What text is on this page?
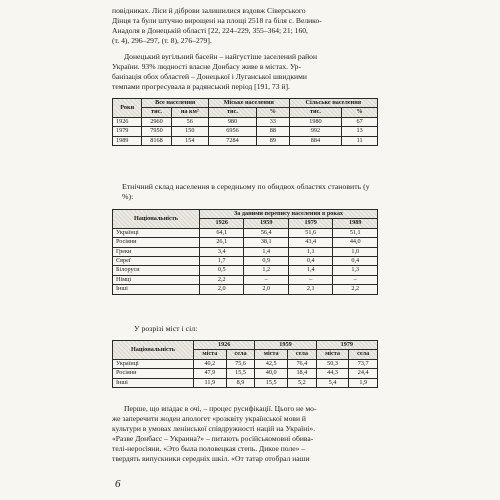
повідниках. Ліси й діброви залишилися вздовж Сіверського
Дінця та були штучно вирощені на площі 2518 га біля с. Велико-
Анадоля в Донецькій області [22, 224–229, 355–364; 21; 160,
(т. 4), 296–297, (т. 8), 276–279].
Донецький вугільний басейн – найгустіше заселений район
України. 93% людності власне Донбасу живе в містах. Ур-
банізація обох областей – Донецької і Луганської швидкими
темпами прогресувала в радянський період [191, 73 й].
Роки	Все населення		Міське населення		Сільське населення	
	тис.	на км²	тис.	%	тис.	%
1926	2960	56	980	33	1980	67
1979	7950	150	6956	88	992	13
1989	8168	154	7284	89	884	11
Етнічний склад населення в середньому по обидвох областях становить (у %):
Національність	За даними перепису населення в роках			
	1926	1959	1979	1989
Українці	64,1	56,4	51,6	51,1
Росіяни	26,1	38,1	43,4	44,0
Греки	3,4	1,4	1,1	1,0
Євреї	1,7	0,9	0,4	0,4
Білоруси	0,5	1,2	1,4	1,3
Німці	2,2	–	–	–
Інші	2,0	2,0	2,1	2,2
У розрізі міст і сіл:
Національність	1926		1959		1979	
	міста	села	міста	села	міста	села
Українці	40,2	75,6	42,5	76,4	50,3	73,7
Росіяни	47,9	15,5	40,0	18,4	44,3	24,4
Інші	11,9	8,9	15,5	5,2	5,4	1,9
Перше, що впадає в очі, – процес русифікації. Цього не мо-
же заперечити жоден апологет «розквіту української мови й
культури в умовах ленінської співдружності націй на Україні».
«Разве Донбасс – Украина?» – питають російськомовні обива-
телі-неросіяни. «Это была половецкая степь. Дикое поле» –
твердять випускники середніх шкіл. «От татар отобрал наши
6
